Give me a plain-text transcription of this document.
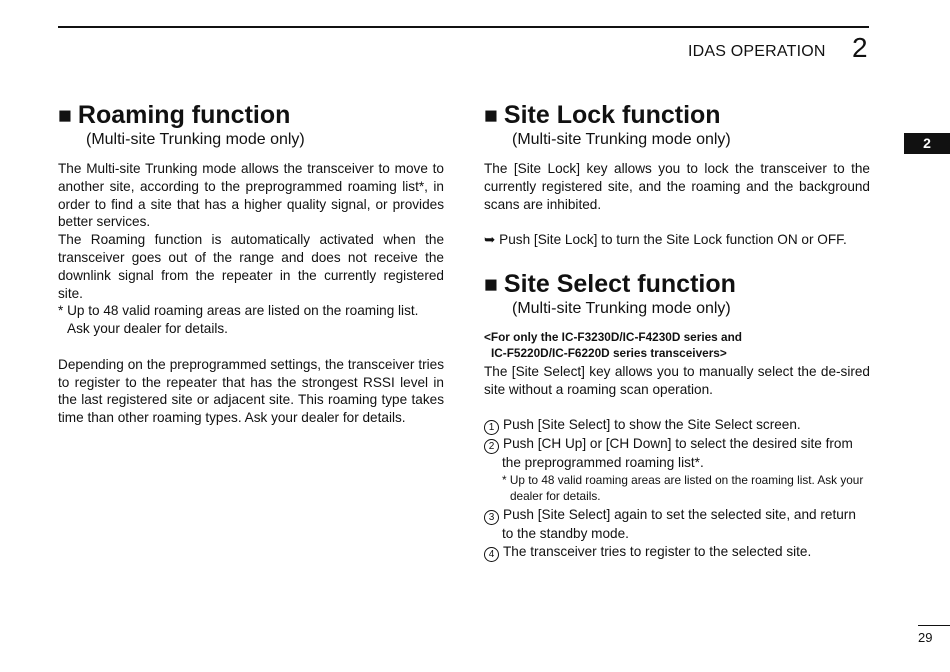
IDAS OPERATION 2
2
■ Roaming function
(Multi-site Trunking mode only)

The Multi-site Trunking mode allows the transceiver to move to another site, according to the preprogrammed roaming list*, in order to find a site that has a higher quality signal, or provides better services.

The Roaming function is automatically activated when the transceiver goes out of the range and does not receive the downlink signal from the repeater in the currently registered site.

* Up to 48 valid roaming areas are listed on the roaming list. Ask your dealer for details.

Depending on the preprogrammed settings, the transceiver tries to register to the repeater that has the strongest RSSI level in the last registered site or adjacent site. This roaming type takes time than other roaming types. Ask your dealer for details.

■ Site Lock function
(Multi-site Trunking mode only)

The [Site Lock] key allows you to lock the transceiver to the currently registered site, and the roaming and the background scans are inhibited.

➥ Push [Site Lock] to turn the Site Lock function ON or OFF.
■ Site Select function
(Multi-site Trunking mode only)
<For only the IC-F3230D/IC-F4230D series and
IC-F5220D/IC-F6220D series transceivers>

The [Site Select] key allows you to manually select the de-sired site without a roaming scan operation.

1 Push [Site Select] to show the Site Select screen.

2 Push [CH Up] or [CH Down] to select the desired site from the preprogrammed roaming list*.

* Up to 48 valid roaming areas are listed on the roaming list. Ask your dealer for details.

3 Push [Site Select] again to set the selected site, and return to the standby mode.

4 The transceiver tries to register to the selected site.

29
